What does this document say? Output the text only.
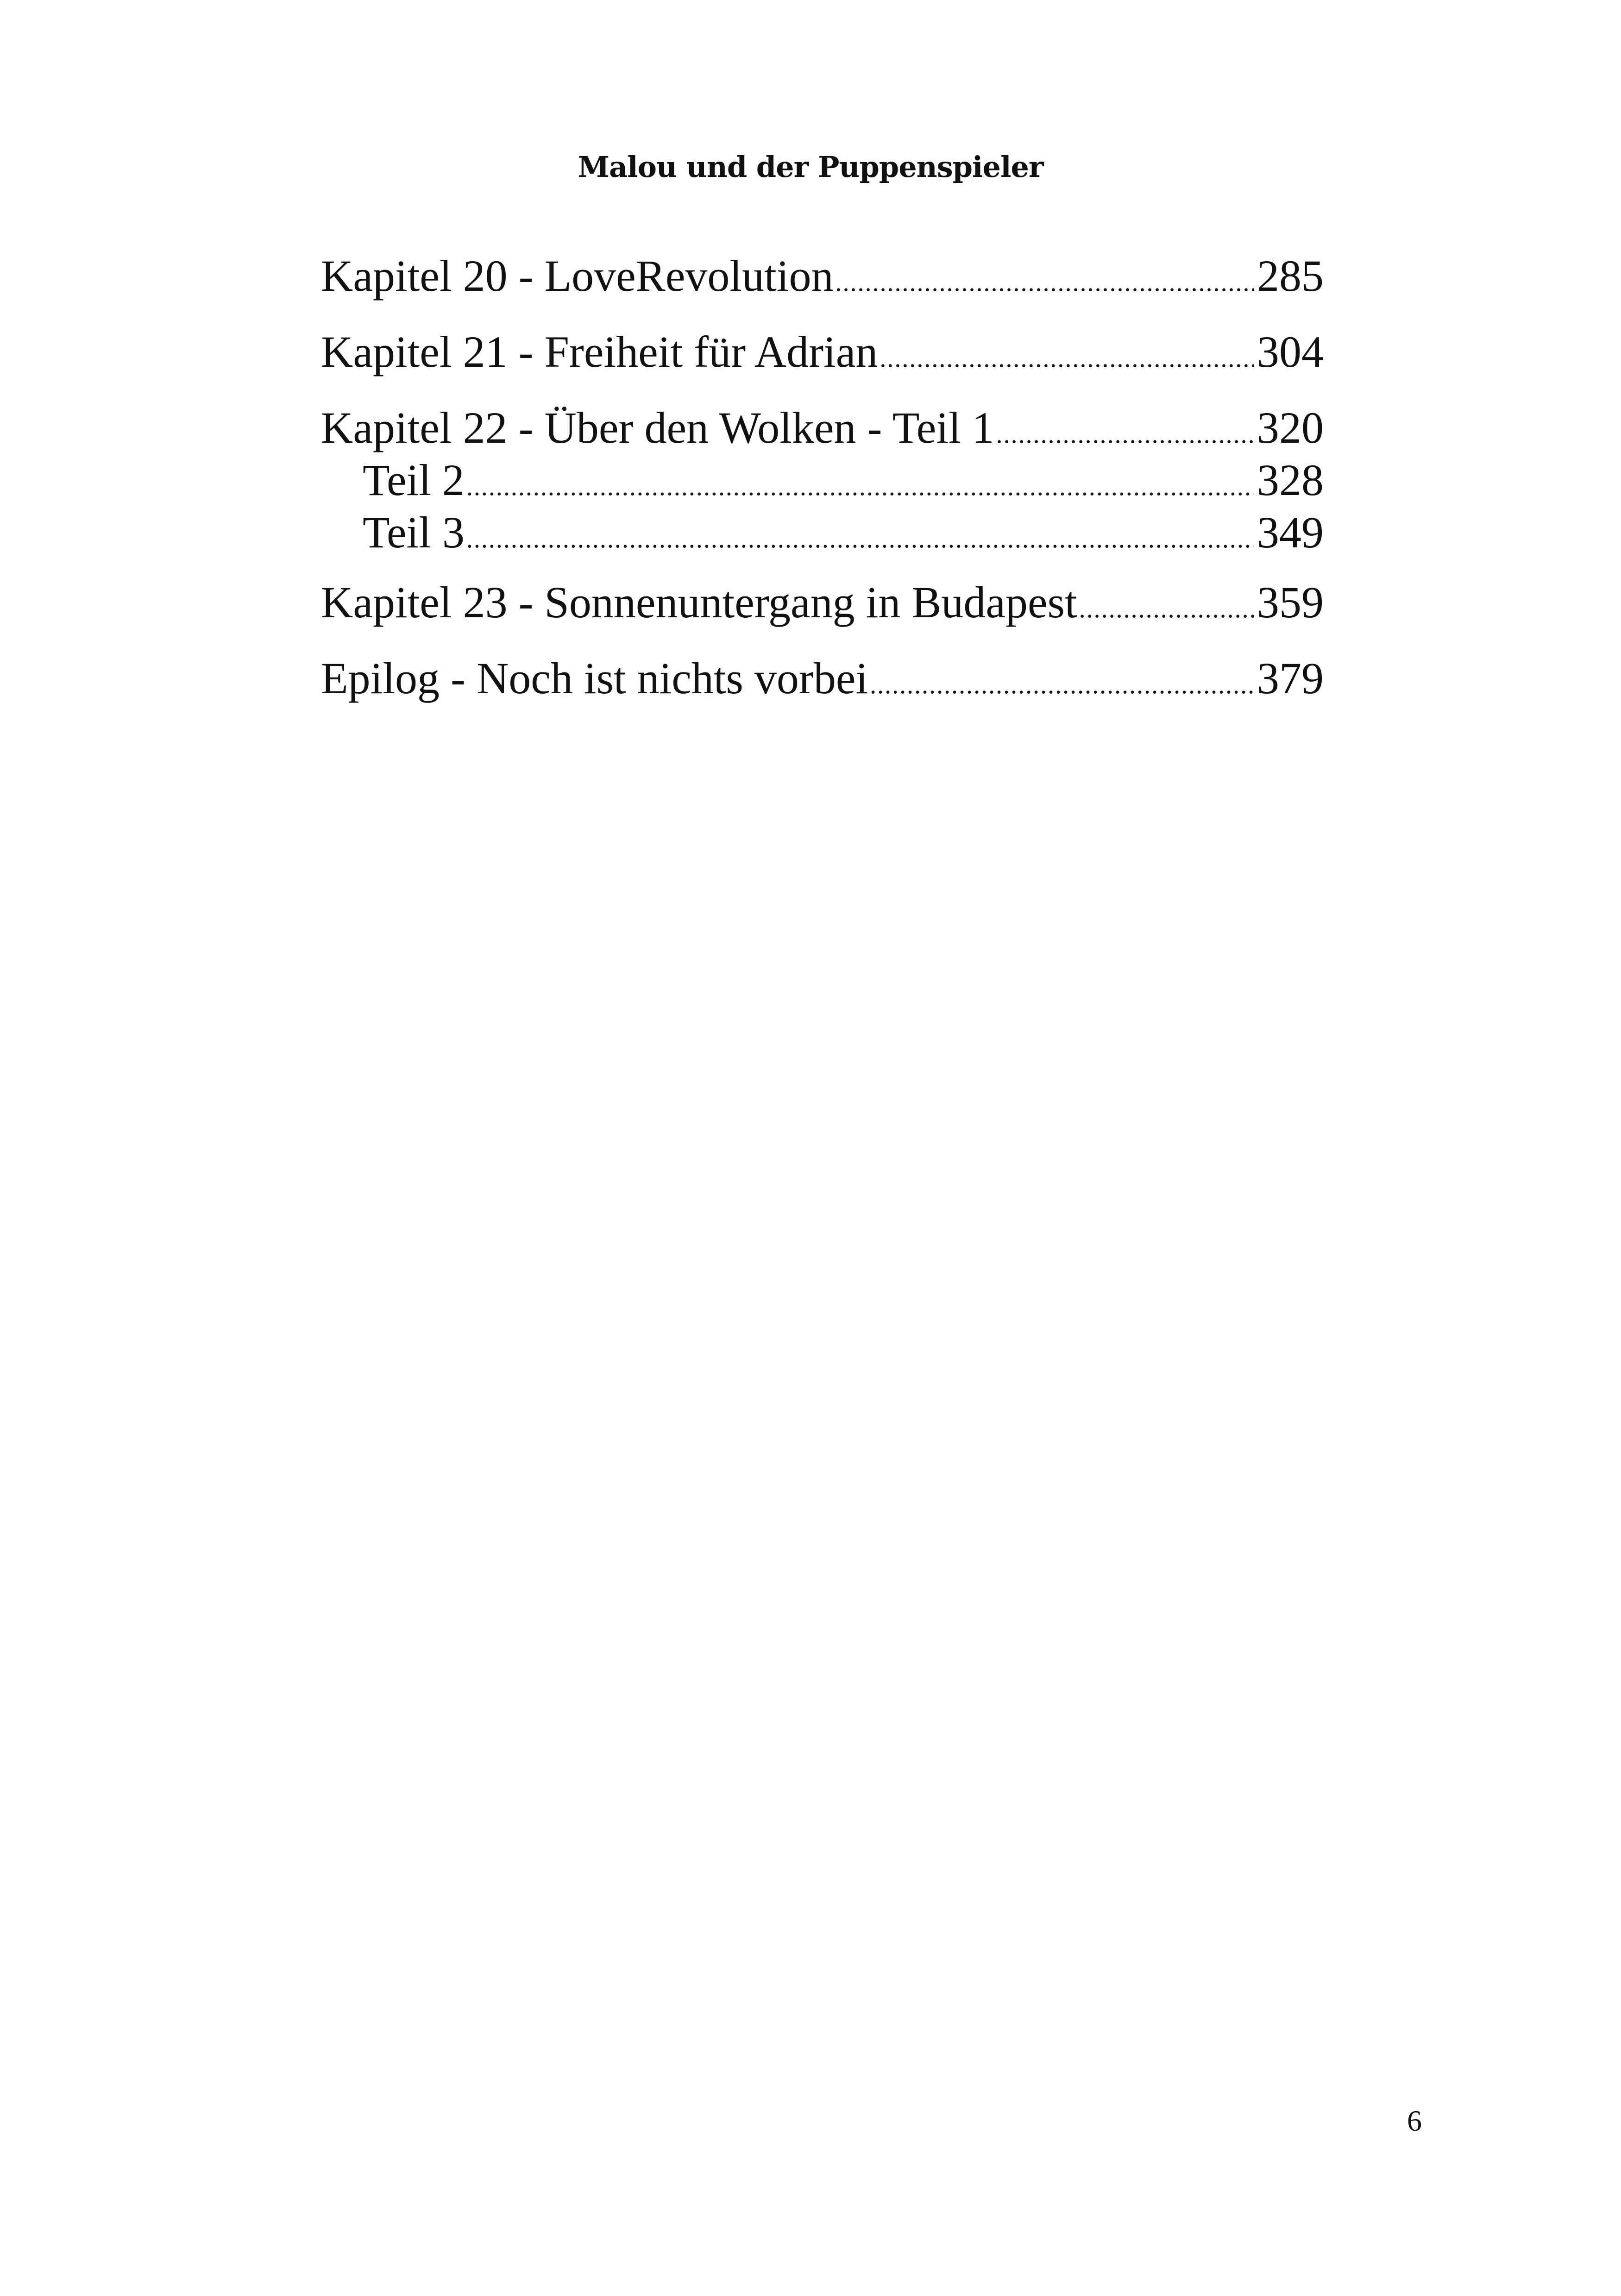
Malou und der Puppenspieler
Kapitel 20 - LoveRevolution .....	285
Kapitel 21 - Freiheit für Adrian .....	304
Kapitel 22 - Über den Wolken - Teil 1 .....	320
Teil 2 .....	328
Teil 3 .....	349
Kapitel 23 - Sonnenuntergang in Budapest .....	359
Epilog - Noch ist nichts vorbei .....	379
6
